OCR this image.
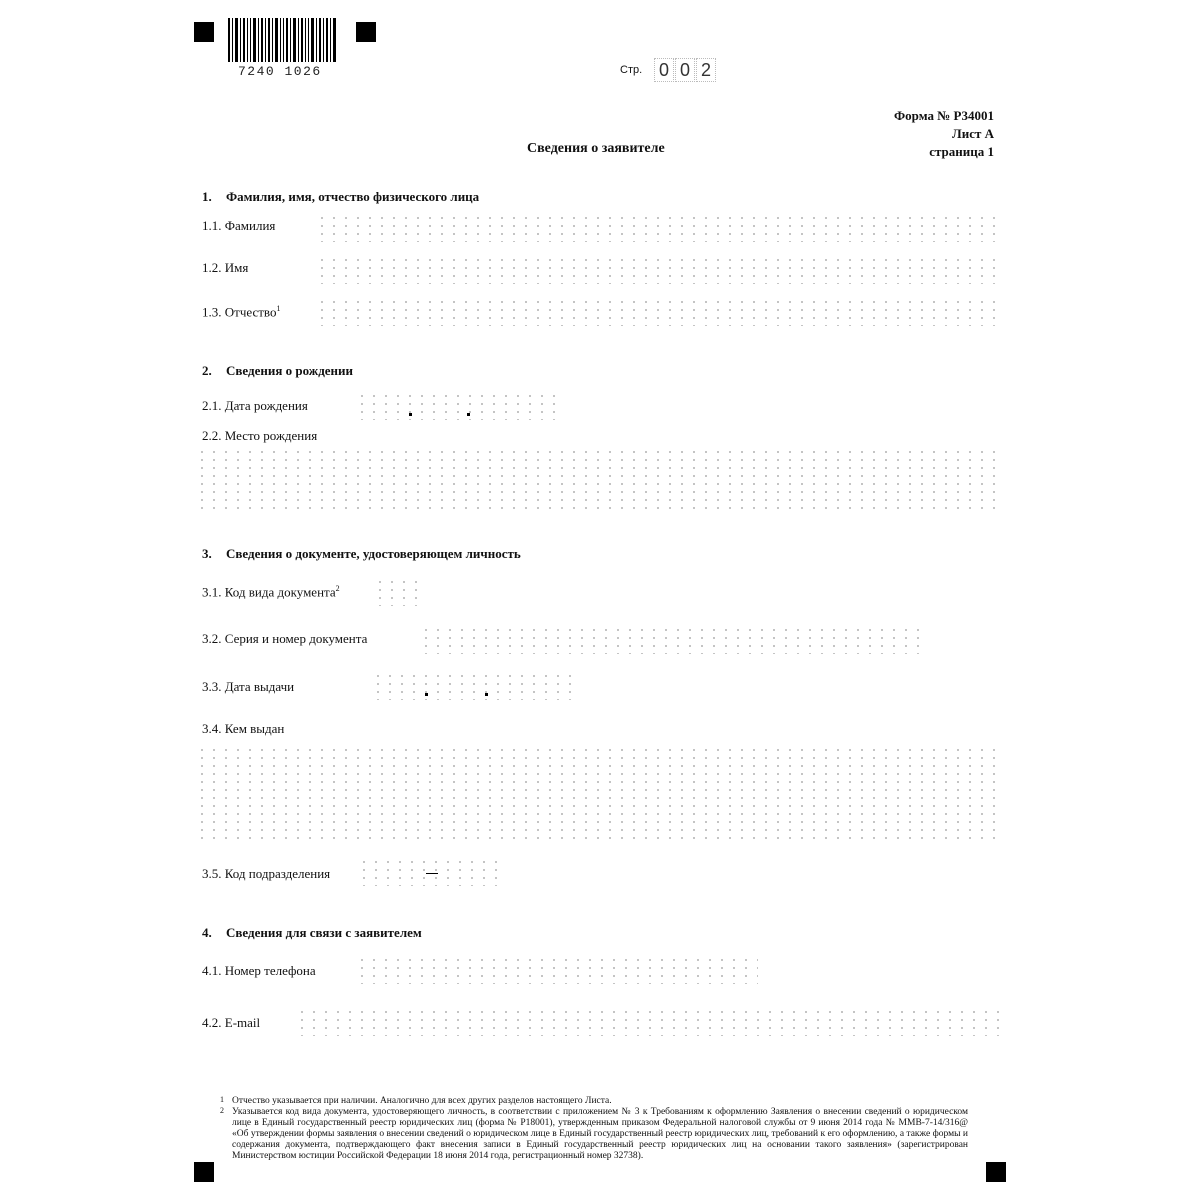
7240 1026	Стр. 0 0 2
Форма № Р34001
Лист А
страница 1
Сведения о заявителе
1. Фамилия, имя, отчество физического лица
1.1. Фамилия
1.2. Имя
1.3. Отчество$^1$
2. Сведения о рождении
2.1. Дата рождения
2.2. Место рождения
3. Сведения о документе, удостоверяющем личность
3.1. Код вида документа$^2$
3.2. Серия и номер документа
3.3. Дата выдачи
3.4. Кем выдан
3.5. Код подразделения
4. Сведения для связи с заявителем
4.1. Номер телефона
4.2. E-mail
1 Отчество указывается при наличии. Аналогично для всех других разделов настоящего Листа.
2 Указывается код вида документа, удостоверяющего личность, в соответствии с приложением № 3 к Требованиям к оформлению Заявления о внесении сведений о юридическом лице в Единый государственный реестр юридических лиц (форма № Р18001), утвержденным приказом Федеральной налоговой службы от 9 июня 2014 года № ММВ-7-14/316@ «Об утверждении формы заявления о внесении сведений о юридическом лице в Единый государственный реестр юридических лиц, требований к его оформлению, а также формы и содержания документа, подтверждающего факт внесения записи в Единый государственный реестр юридических лиц на основании такого заявления» (зарегистрирован Министерством юстиции Российской Федерации 18 июня 2014 года, регистрационный номер 32738).
